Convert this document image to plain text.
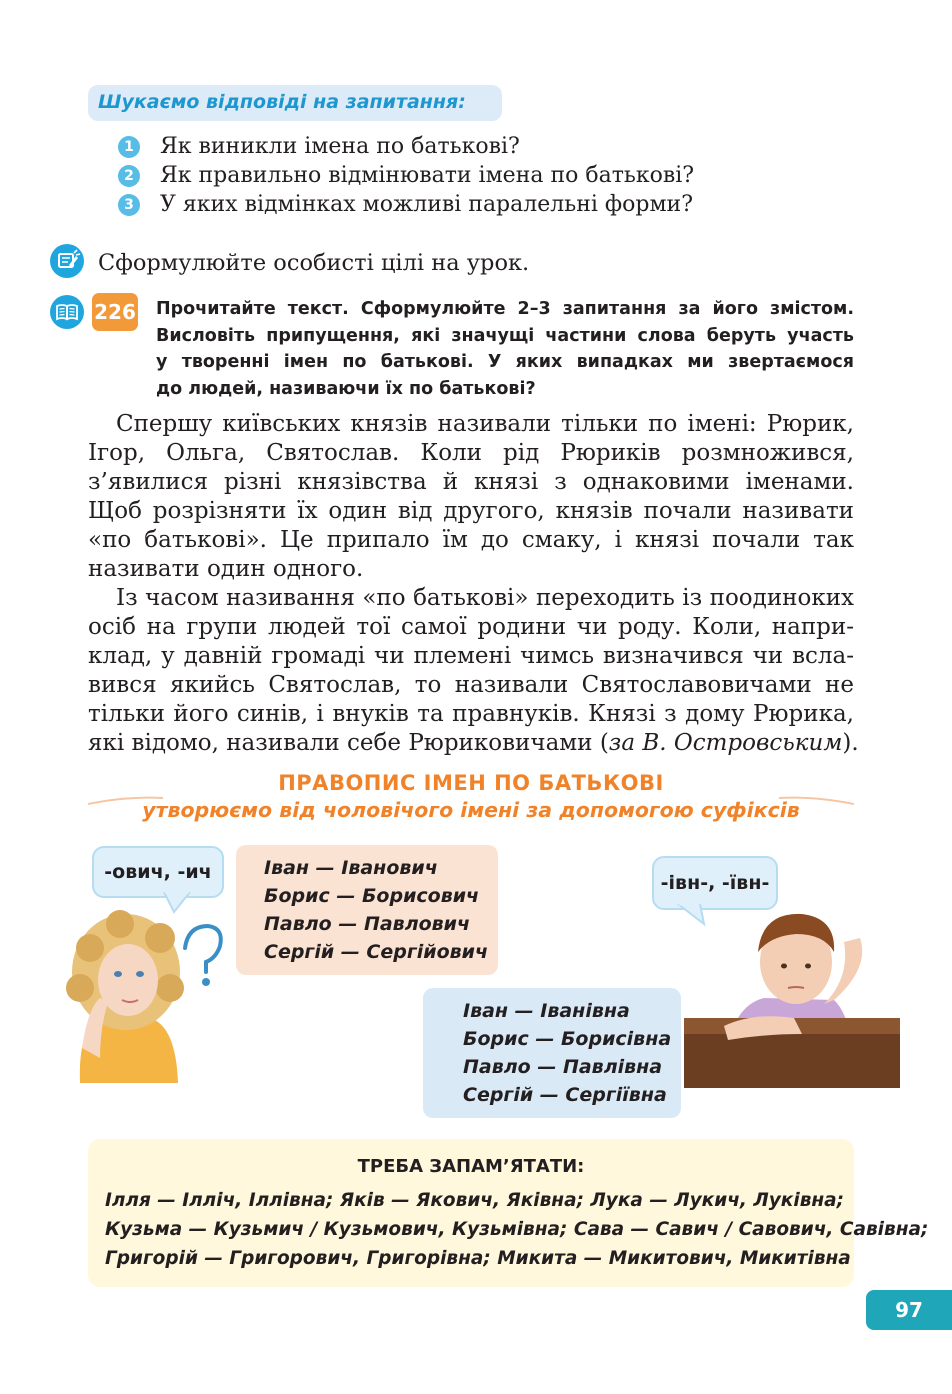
Шукаємо відповіді на запитання:
1 Як виникли імена по батькові?
2 Як правильно відмінювати імена по батькові?
3 У яких відмінках можливі паралельні форми?
Сформулюйте особисті цілі на урок.
226 Прочитайте текст. Сформулюйте 2–3 запитання за його змістом.
Висловіть припущення, які значущі частини слова беруть участь
у творенні імен по батькові. У яких випадках ми звертаємося
до людей, називаючи їх по батькові?
Спершу київських князів називали тільки по імені: Рюрик,
Ігор, Ольга, Святослав. Коли рід Рюриків розмножився,
з’явилися різні князівства й князі з однаковими іменами.
Щоб розрізняти їх один від другого, князів почали називати
«по батькові». Це припало їм до смаку, і князі почали так
називати один одного.
Із часом називання «по батькові» переходить із поодиноких
осіб на групи людей тої самої родини чи роду. Коли, напри-
клад, у давній громаді чи племені чимсь визначився чи всла-
вився якийсь Святослав, то називали Святославовичами не
тільки його синів, і внуків та правнуків. Князі з дому Рюрика,
які відомо, називали себе Рюриковичами (за В. Островським).
ПРАВОПИС ІМЕН ПО БАТЬКОВІ
утворюємо від чоловічого імені за допомогою суфіксів
-ович, -ич	Іван — Іванович
Борис — Борисович
Павло — Павлович
Сергій — Сергійович
-івн-, -ївн-
Іван — Іванівна
Борис — Борисівна
Павло — Павлівна
Сергій — Сергіївна
ТРЕБА ЗАПАМ’ЯТАТИ:
Ілля — Ілліч, Іллівна; Яків — Якович, Яківна; Лука — Лукич, Луківна;
Кузьма — Кузьмич / Кузьмович, Кузьмівна; Сава — Савич / Савович, Савівна;
Григорій — Григорович, Григорівна; Микита — Микитович, Микитівна
97
